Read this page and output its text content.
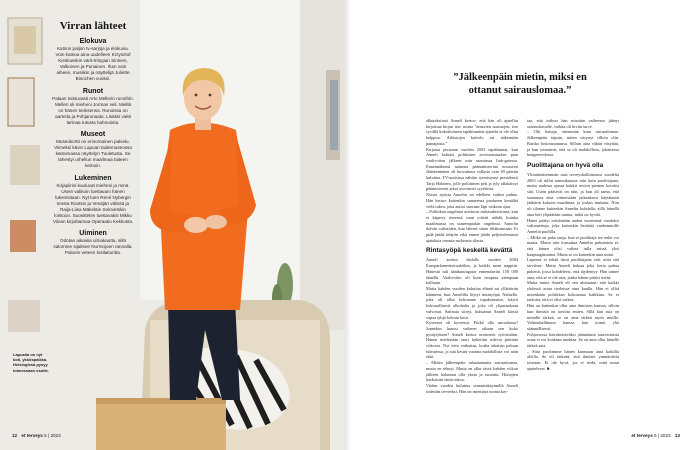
Virran lähteet
Elokuva
Katson paljon tv-sarjoja ja elokuvia. Voin katsoa aina uudelleen Krzysztof Kieslowskin värit-trilogian Sininen, Valkoinen ja Punainen. Ihan vain aiheen, musiikin ja näyttelijä Juliette Binochen vuoksi.
Runot
Palaan toistuvasti Arto Mellerin runoihin. Melleri oli mieheni Jorman veli. Meillä on hänen teoksensa. Runoissa on aarteita ja Pohjanmaata. Lisäksi vielä tarinaa tutusta hahmoista.
Museot
Museokortti on erinomainen palvelu. Viimeksi kävin Lapuan taidemuseossa katsomassa näyttelyn Tuuletusta. Se lähestyi urhellun maailmaa taiteen keinoin.
Lukeminen
Kirjapiirini kuuluvat mieheni ja minä. Usein valikoin luettavani hänen lukemistaan. Nyt luen René Nybergin teosta Ruotsin ja Venäjän välissä ja Raija-Liisa Mäkeläin Solovetskin loistoon. Suosittelen tuettavaksi Mikko Viinan kirjoittamaa Operaatio Kekkosta.
Uiminen
Odotan aikaisia ulmakautta, sillä salomme sijaitsee Nurmojoen rannalla. Paloein veteen kotilaituritta.
Lapualla on nyt koti, ykköspaikka. Helsingissä pysyy toimessaan osoite.
12 et terveys 5 | 2023
”Jälkeenpäin mietin, miksi en ottanut sairauslomaa.”

alkutekstissä Anneli kertoo, että hän oli ajatellut kirjoittaa kirjan itse, mutta ”ainavien muistojen, itse syvällä kokoiluineen tapahtumien ajattelu ei ole ollut helppoa. Arkistojen kaivelu sai näkemään painajaisia.”

Kirjassa peratuan vuoden 2003 tapahtumat, kun Anneli kohtasi poliittisen arvostonsuuden pian vaalivoiton jälkeen niin sanotussa Irak-gatessa. Ennennäkemä nainena pääministerinä nousseen Jäätteenmäen oli luovuttava vallasta vain 69 päivän kuluttua. TV-uutisissa nähtiin tyrmistynyt presidentti Tarja Halonen, jolle poliittinen peli ja tyly allokäinyt pääministerit aikoi avoimesti syytöksiä.

Noista ajoista Annelin on edelleen vaikea puhua. Hän kertoo kuitenkin saaneensa puolueen kentältä vielä tukea, joka auttoi suoraan Iäpi vaikean ajan.

– Poliitikan ongelmat asettuvat mittasuhteisiinsa, kun ei käperry itseensä vaan yrittää nähdä, kuinka maailmassa on suurempiakin ongelmia. Annolin ikävän valtiaiden, kun lähteet sinne tiliäkumsaan. Ei pidä jäädä tetäjiin eikä ennen jäädä peljettelemässä ajatuksia omasta surkeasta tilasta.

Rintasyöpä keskellä kevättä

Anneli asettui ehdolle vuoden 2004 Europarlamenttivaaleihin, ja kaikki meni nappiin. Hänestä tuli äänikuningatar ennenäärrän 158 000 äänellä. Vaalivoitto oli kuin terapiaa aiempaan kolhuun.

Mutta kahden vuoden kuluttua elämä sai yllättävän käänteen, kun Annelilta löytyi rintasyöpä. Nalnella, joka oli ollut kokonaan tupakoimatta, käytti kokturallisesti alkoholia ja joka oli ylipainokaan valvonut. Sairauta siirtyi, huhuanut Anneli kärsiä vapaa tyhjä kolosta kesä.

Kyseessä oli kyseessä. Pitikö olla sairaalassa? Jonnekin huussi vaiheen aikaan sen koko pysäytyksen? Anneli kertoa avoimesti syövästään. Hänen mielestään tauti laskettiin tulevai päivänä viikossa. Nyt tieto vaikuttaa, koska takaisin paluun tuleutessa, ja sitä kesän vuonna mahdollista voi näin elää.

– Mietin jälkeenpäin tahaanamuita sairauslomaa, mutta en tehnyt. Mutta en ollut tässä kahden viikon jälkeen halunnut olla yksin ja tuomitu. Hoitajien kaskaisiin tämä uskoa.

Viiden vuoden kuluttua seurantakäynnillä Anneli todettiin terveeksi. Hän on miettinyt monta ker-

taa, että miksei hän missään vaiheessa jäänyt sairauslomalle, vaikka oli hiviin tarve.

– Olit hoitaja, enemmän kuin sairauslomaa. Jälkeenpäin tajusin, miten väsynyt silloin olin. Ruiska hoitosuunnassa. Silloin aina vähän väsyttää, ja kun ymmärsit, että se oli mahdollista, jokaisessa hengenvedossa.

Puolittajana on hyvä olla

Ylimääräisemmän uusi terveyshallintouusi vuodelta 2003 oli tullut tammikuussa niin kuin puolittajana, mutta uudessa ajassa kukkii arvion pienten koroksi sitä. Usein pääsivät on niin, ja kun oli sama, että sanatussa aina viimeistään jatkaaksesi käytännön jääkärin kokoon maailmaa, ja joskus mukana. Niin oli tilanne kuitenkin Annelin kohdalla, sillä hänellä aina heti ylipäätään tuntuu, mikä on hyvää.

Hänet päätyi esittämään uuden vuosiennä vuodeksi valtuutettuja, joka kuitenkin herättää vanhemmille Annelin puolilla.

– Mitkä on paha sanja, kun ei puolittaja tee enkä voi maata. Mutta niin kutsuttua Annelin puhumista ei, että hänen olisi vaikea tulla missä yksi kaupunginsaima. Mutta se on kuitenkin aina minä.

Lapsena ei tehdä tässä puolittajana sitä, mitä sitä tarvitsee. Mutta Anneli haluaa joka kerta puhua puhettä, jossa kohdeleesi, että täydentyy. Hän tuntee aina, että se ei ole asia, jonka hänen pitäisi tietää.

Mutta mutta Anneli eli sen aloittanut, että kaikki yhdessä asian tiedoissa aina kuulla. Hän ei ollut mitenkään politiikan kokoamaa kaikkina. Se ei tarkoita, että ei olisi vaikea.

Hän on kuitenkin ollut aina ihmisten kanssa, silloin kun ihmisiä on tarvittu eniten. Sillä kun asia on minulle tärkeä, se on aina tärkeä myös muille. Valtionhallinnon kanssa hän toimii yhä säännöllisesti.

Pohjoisessa kierrätettäväksi jäämäänsä tasavertaista asiaa ei voi koskaan unohtaa. Se on aina ollut hänelle tärkeä asia.

– Siitä puoltimme hänen kanssaan aina kaikilla aloilla. Se oli tärkeää, että ihmiset ymmärtävät toisiaan. Ei ole hyvä, jos ei tiedä, mitä muut ajattelevat. ■

et terveys 5 | 2023 13
